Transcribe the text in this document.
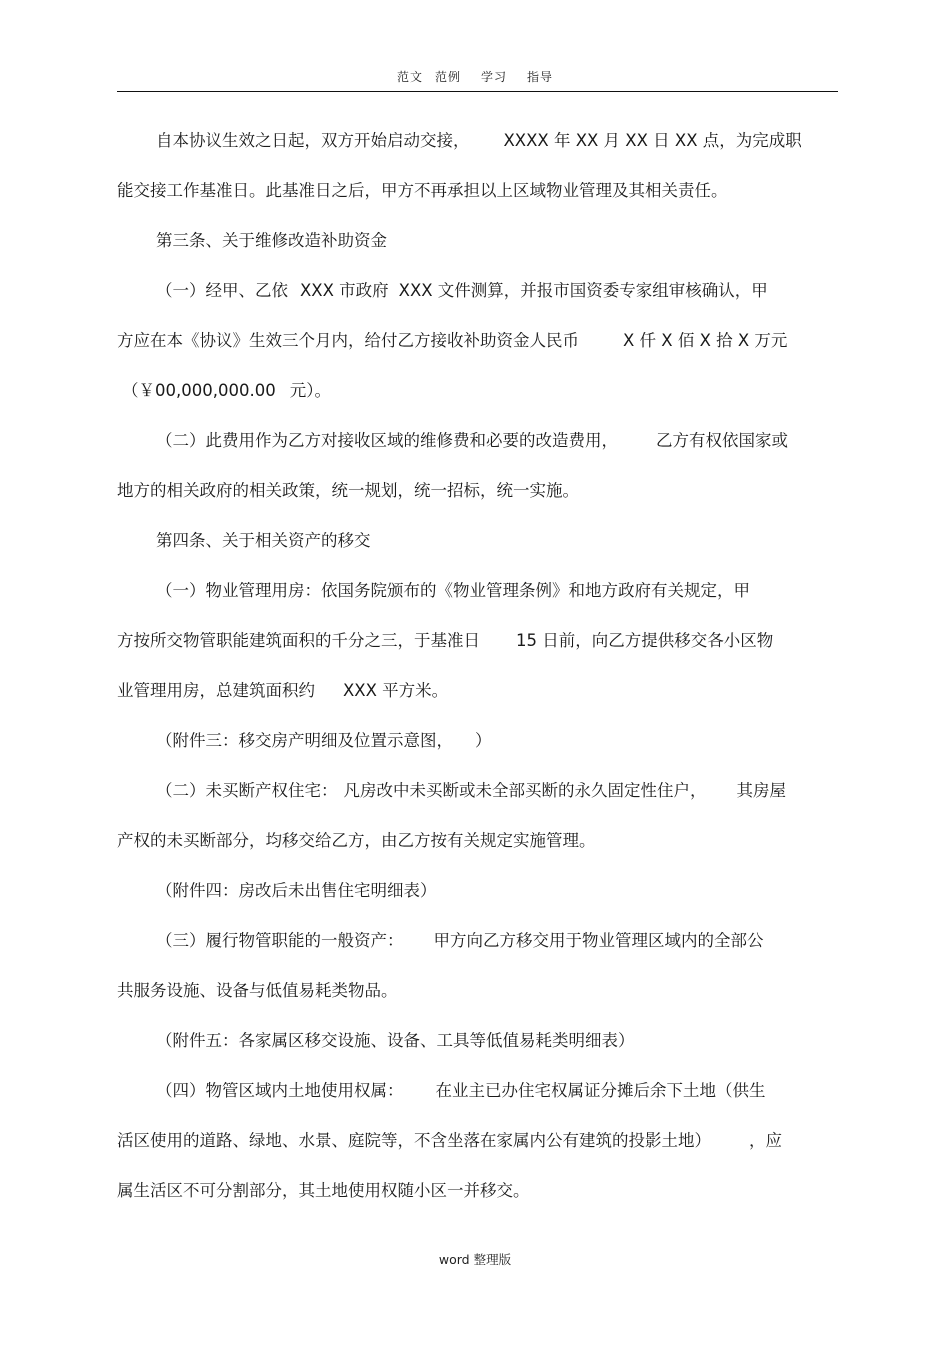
范文 范例 学习 指导
自本协议生效之日起，双方开始启动交接， XXXX 年 XX 月 XX 日 XX 点，为完成职
能交接工作基准日。此基准日之后，甲方不再承担以上区域物业管理及其相关责任。
第三条、关于维修改造补助资金
（一）经甲、乙依 XXX 市政府 XXX 文件测算，并报市国资委专家组审核确认，甲
方应在本《协议》生效三个月内，给付乙方接收补助资金人民币	X 仟 X 佰 X 拾 X 万元
（￥00,000,000.00 元）。
（二）此费用作为乙方对接收区域的维修费和必要的改造费用， 乙方有权依国家或
地方的相关政府的相关政策，统一规划，统一招标，统一实施。
第四条、关于相关资产的移交
（一）物业管理用房：依国务院颁布的《物业管理条例》和地方政府有关规定，甲
方按所交物管职能建筑面积的千分之三，于基准日 15 日前，向乙方提供移交各小区物
业管理用房，总建筑面积约 XXX 平方米。
（附件三：移交房产明细及位置示意图， ）
（二）未买断产权住宅： 凡房改中未买断或未全部买断的永久固定性住户， 其房屋
产权的未买断部分，均移交给乙方，由乙方按有关规定实施管理。
（附件四：房改后未出售住宅明细表）
（三）履行物管职能的一般资产： 甲方向乙方移交用于物业管理区域内的全部公
共服务设施、设备与低值易耗类物品。
（附件五：各家属区移交设施、设备、工具等低值易耗类明细表）
（四）物管区域内土地使用权属： 在业主已办住宅权属证分摊后余下土地（供生
活区使用的道路、绿地、水景、庭院等，不含坐落在家属内公有建筑的投影土地） ，应
属生活区不可分割部分，其土地使用权随小区一并移交。
word 整理版
